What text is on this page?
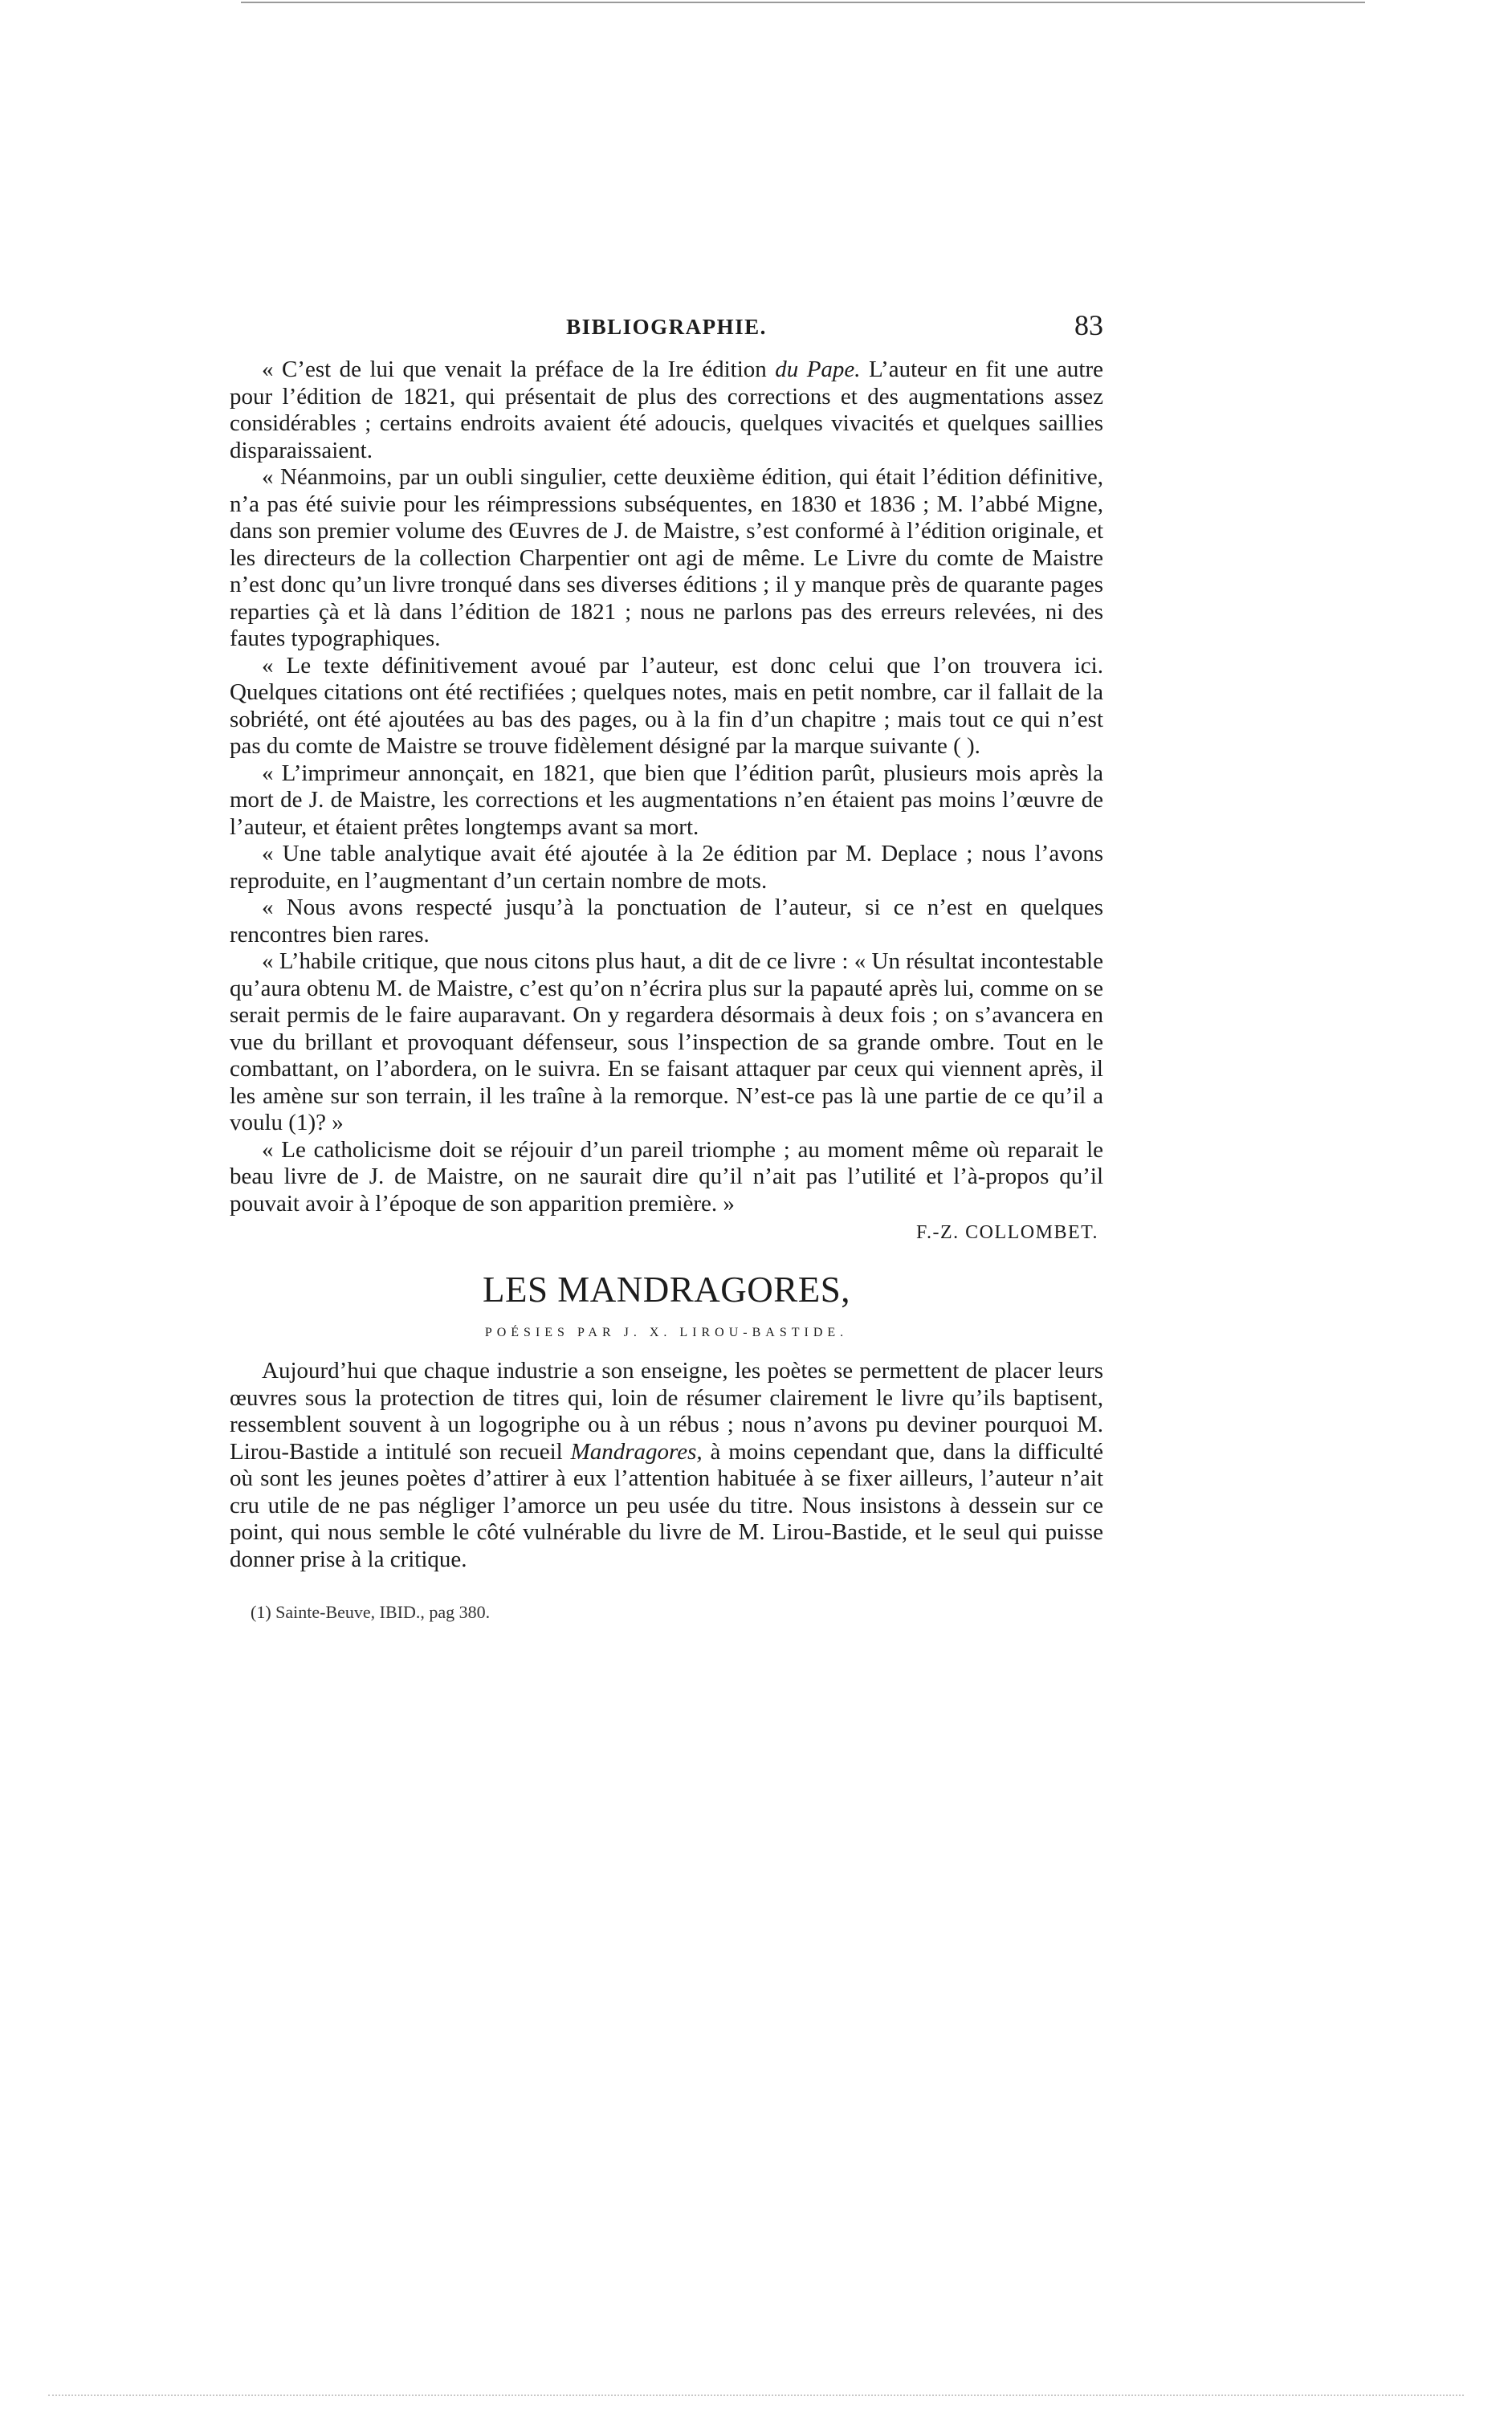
BIBLIOGRAPHIE.	83

« C’est de lui que venait la préface de la Ire édition du Pape. L’auteur en fit une autre pour l’édition de 1821, qui présentait de plus des corrections et des augmentations assez considérables ; certains endroits avaient été adoucis, quelques vivacités et quelques saillies disparaissaient.

« Néanmoins, par un oubli singulier, cette deuxième édition, qui était l’édition définitive, n’a pas été suivie pour les réimpressions subséquentes, en 1830 et 1836 ; M. l’abbé Migne, dans son premier volume des Œuvres de J. de Maistre, s’est conformé à l’édition originale, et les directeurs de la collection Charpentier ont agi de même. Le Livre du comte de Maistre n’est donc qu’un livre tronqué dans ses diverses éditions ; il y manque près de quarante pages reparties çà et là dans l’édition de 1821 ; nous ne parlons pas des erreurs relevées, ni des fautes typographiques.

« Le texte définitivement avoué par l’auteur, est donc celui que l’on trouvera ici. Quelques citations ont été rectifiées ; quelques notes, mais en petit nombre, car il fallait de la sobriété, ont été ajoutées au bas des pages, ou à la fin d’un chapitre ; mais tout ce qui n’est pas du comte de Maistre se trouve fidèlement désigné par la marque suivante ( ).

« L’imprimeur annonçait, en 1821, que bien que l’édition parût, plusieurs mois après la mort de J. de Maistre, les corrections et les augmentations n’en étaient pas moins l’œuvre de l’auteur, et étaient prêtes longtemps avant sa mort.

« Une table analytique avait été ajoutée à la 2e édition par M. Deplace ; nous l’avons reproduite, en l’augmentant d’un certain nombre de mots.

« Nous avons respecté jusqu’à la ponctuation de l’auteur, si ce n’est en quelques rencontres bien rares.

« L’habile critique, que nous citons plus haut, a dit de ce livre : « Un résultat incontestable qu’aura obtenu M. de Maistre, c’est qu’on n’écrira plus sur la papauté après lui, comme on se serait permis de le faire auparavant. On y regardera désormais à deux fois ; on s’avancera en vue du brillant et provoquant défenseur, sous l’inspection de sa grande ombre. Tout en le combattant, on l’abordera, on le suivra. En se faisant attaquer par ceux qui viennent après, il les amène sur son terrain, il les traîne à la remorque. N’est-ce pas là une partie de ce qu’il a voulu (1)? »

« Le catholicisme doit se réjouir d’un pareil triomphe ; au moment même où reparait le beau livre de J. de Maistre, on ne saurait dire qu’il n’ait pas l’utilité et l’à-propos qu’il pouvait avoir à l’époque de son apparition première. »

F.-Z. COLLOMBET.
LES MANDRAGORES,
POÉSIES PAR J. X. LIROU-BASTIDE.

Aujourd’hui que chaque industrie a son enseigne, les poètes se permettent de placer leurs œuvres sous la protection de titres qui, loin de résumer clairement le livre qu’ils baptisent, ressemblent souvent à un logogriphe ou à un rébus ; nous n’avons pu deviner pourquoi M. Lirou-Bastide a intitulé son recueil Mandragores, à moins cependant que, dans la difficulté où sont les jeunes poètes d’attirer à eux l’attention habituée à se fixer ailleurs, l’auteur n’ait cru utile de ne pas négliger l’amorce un peu usée du titre. Nous insistons à dessein sur ce point, qui nous semble le côté vulnérable du livre de M. Lirou-Bastide, et le seul qui puisse donner prise à la critique.

(1) Sainte-Beuve, IBID., pag 380.
